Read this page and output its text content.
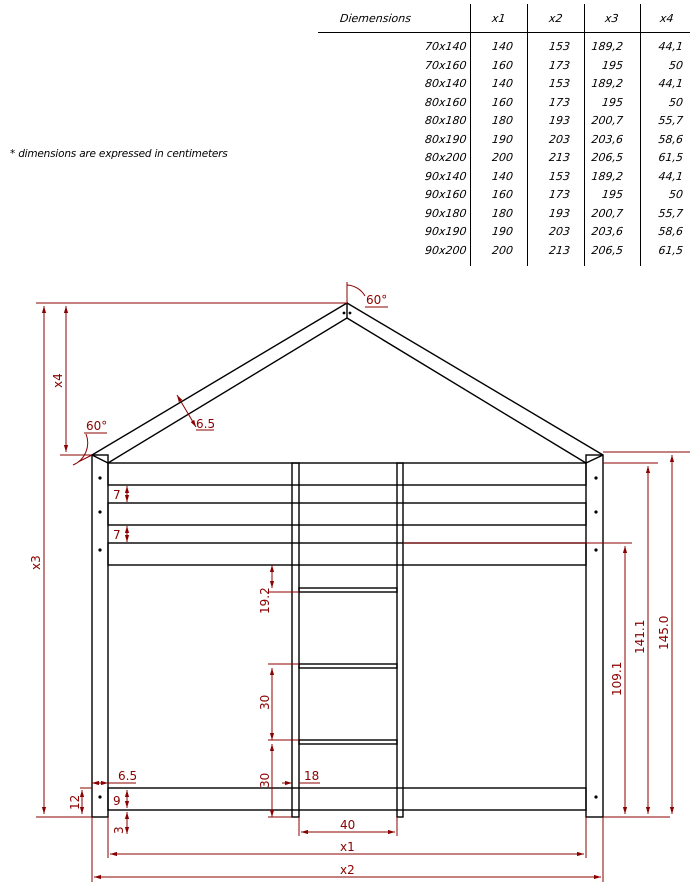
Diemensions	x1	x2	x3	x4
70x140 140	153	189,2	44,1
70x160 160	173	195	50
80x140 140	153	189,2	44,1
80x160 160	173	195	50
80x180 180	193	200,7	55,7
80x190 190	203	203,6	58,6
80x200 200	213	206,5	61,5
90x140 140	153	189,2	44,1
90x160 160	173	195	50
90x180 180	193	200,7	55,7
90x190 190	203	203,6	58,6
90x200 200	213	206,5	61,5
* dimensions are expressed in centimeters
60°
60°	6.5
x4
x3
7
7
19.2
30
30
6.5	18
12	9
3	40
x1
x2
109.1
141.1 145.0
